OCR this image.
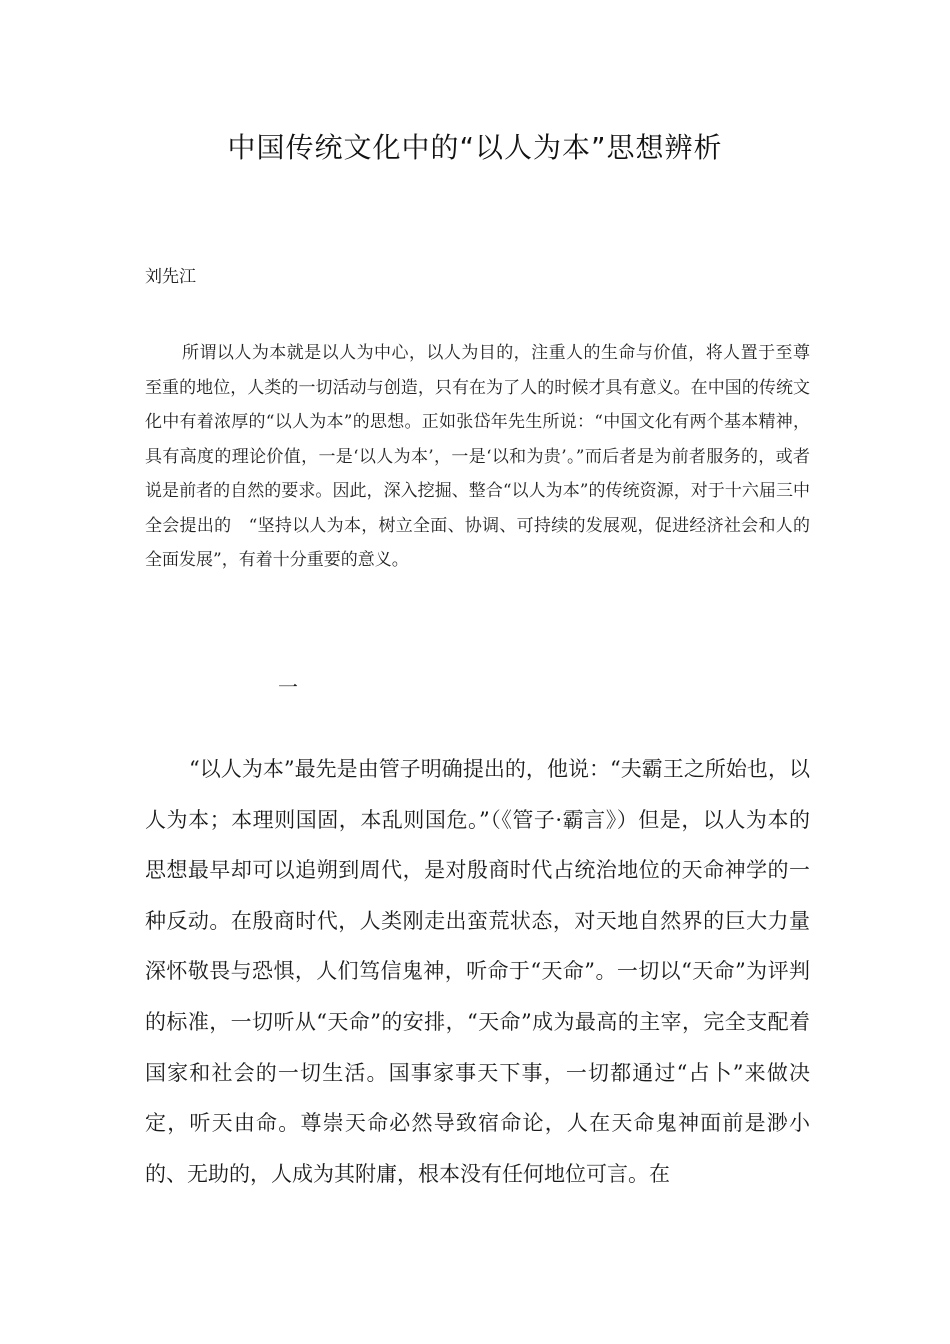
中国传统文化中的“以人为本”思想辨析

刘先江

所谓以人为本就是以人为中心，以人为目的，注重人的生命与价值，将人置于至尊至重的地位，人类的一切活动与创造，只有在为了人的时候才具有意义。在中国的传统文化中有着浓厚的“以人为本”的思想。正如张岱年先生所说：“中国文化有两个基本精神，具有高度的理论价值，一是‘以人为本’，一是‘以和为贵’。”而后者是为前者服务的，或者说是前者的自然的要求。因此，深入挖掘、整合“以人为本”的传统资源，对于十六届三中全会提出的　“坚持以人为本，树立全面、协调、可持续的发展观，促进经济社会和人的全面发展”，有着十分重要的意义。

一

“以人为本”最先是由管子明确提出的，他说：“夫霸王之所始也，以人为本；本理则国固，本乱则国危。”（《管子·霸言》）但是，以人为本的思想最早却可以追朔到周代，是对殷商时代占统治地位的天命神学的一种反动。在殷商时代，人类刚走出蛮荒状态，对天地自然界的巨大力量深怀敬畏与恐惧，人们笃信鬼神，听命于“天命”。一切以“天命”为评判的标准，一切听从“天命”的安排，“天命”成为最高的主宰，完全支配着国家和社会的一切生活。国事家事天下事，一切都通过“占卜”来做决定，听天由命。尊崇天命必然导致宿命论，人在天命鬼神面前是渺小的、无助的，人成为其附庸，根本没有任何地位可言。在
